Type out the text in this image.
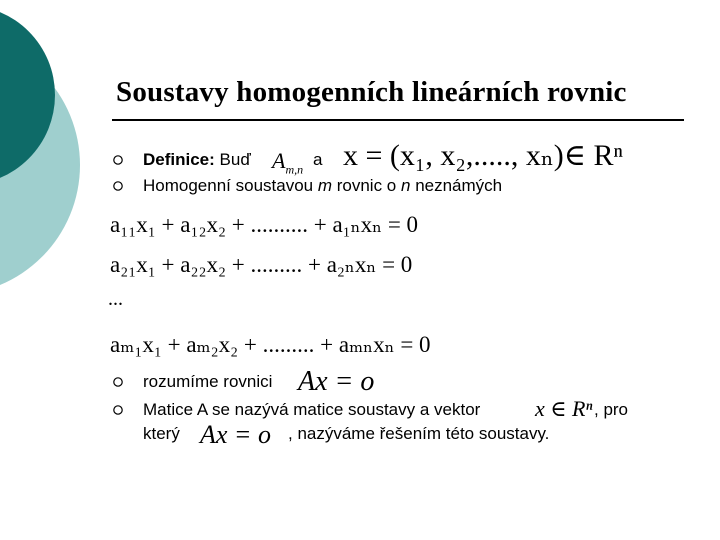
Soustavy homogenních lineárních rovnic
Definice: Buď $A_{m,n}$
a x = (x₁, x₂,....., xₙ)∈ Rⁿ
Homogenní soustavou m rovnic o n neznámých
a₁₁x₁ + a₁₂x₂ + .......... + a₁ₙxₙ = 0
a₂₁x₁ + a₂₂x₂ + ......... + a₂ₙxₙ = 0
...
aₘ₁x₁ + aₘ₂x₂ + ......... + aₘₙxₙ = 0
rozumíme rovnici Ax = o
Matice A se nazývá matice soustavy a vektor x ∈ Rⁿ , pro
který Ax = o , nazýváme řešením této soustavy.
